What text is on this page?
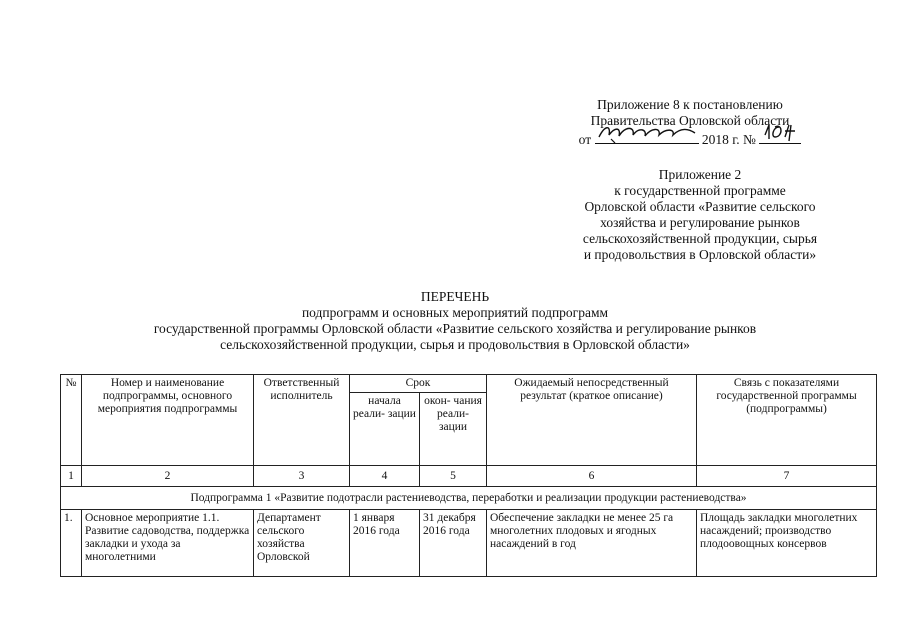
Приложение 8 к постановлению
Правительства Орловской области
от	2018 г. №
Приложение 2
к государственной программе
Орловской области «Развитие сельского
хозяйства и регулирование рынков
сельскохозяйственной продукции, сырья
и продовольствия в Орловской области»
ПЕРЕЧЕНЬ
подпрограмм и основных мероприятий подпрограмм
государственной программы Орловской области «Развитие сельского хозяйства и регулирование рынков
сельскохозяйственной продукции, сырья и продовольствия в Орловской области»
№	Номер и наименование подпрограммы, основного мероприятия подпрограммы	Ответственный исполнитель	Срок		Ожидаемый непосредственный результат (краткое описание)	Связь с показателями государственной программы (подпрограммы)
			начала реали- зации	окон- чания реали- зации		
1	2	3	4	5	6	7
Подпрограмма 1 «Развитие подотрасли растениеводства, переработки и реализации продукции растениеводства»						
1.	Основное мероприятие 1.1. Развитие садоводства, поддержка закладки и ухода за многолетними	Департамент сельского хозяйства Орловской	1 января 2016 года	31 декабря 2016 года	Обеспечение закладки не менее 25 га многолетних плодовых и ягодных насаждений в год	Площадь закладки многолетних насаждений; производство плодоовощных консервов
